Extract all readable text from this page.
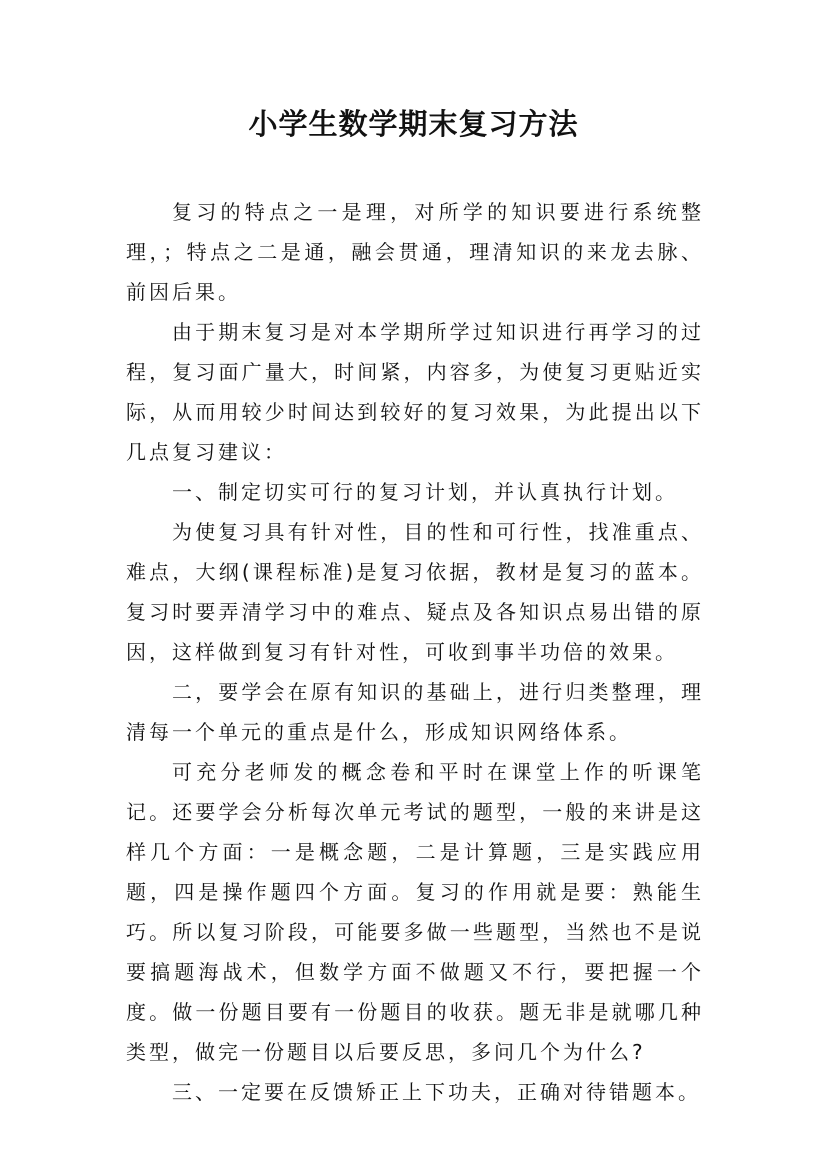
小学生数学期末复习方法

复习的特点之一是理，对所学的知识要进行系统整理，；特点之二是通，融会贯通，理清知识的来龙去脉、前因后果。

由于期末复习是对本学期所学过知识进行再学习的过程，复习面广量大，时间紧，内容多，为使复习更贴近实际，从而用较少时间达到较好的复习效果，为此提出以下几点复习建议：

一、制定切实可行的复习计划，并认真执行计划。

为使复习具有针对性，目的性和可行性，找准重点、难点，大纲(课程标准)是复习依据，教材是复习的蓝本。复习时要弄清学习中的难点、疑点及各知识点易出错的原因，这样做到复习有针对性，可收到事半功倍的效果。

二，要学会在原有知识的基础上，进行归类整理，理清每一个单元的重点是什么，形成知识网络体系。

可充分老师发的概念卷和平时在课堂上作的听课笔记。还要学会分析每次单元考试的题型，一般的来讲是这样几个方面：一是概念题，二是计算题，三是实践应用题，四是操作题四个方面。复习的作用就是要：熟能生巧。所以复习阶段，可能要多做一些题型，当然也不是说要搞题海战术，但数学方面不做题又不行，要把握一个度。做一份题目要有一份题目的收获。题无非是就哪几种类型，做完一份题目以后要反思，多问几个为什么?

三、一定要在反馈矫正上下功夫，正确对待错题本。
